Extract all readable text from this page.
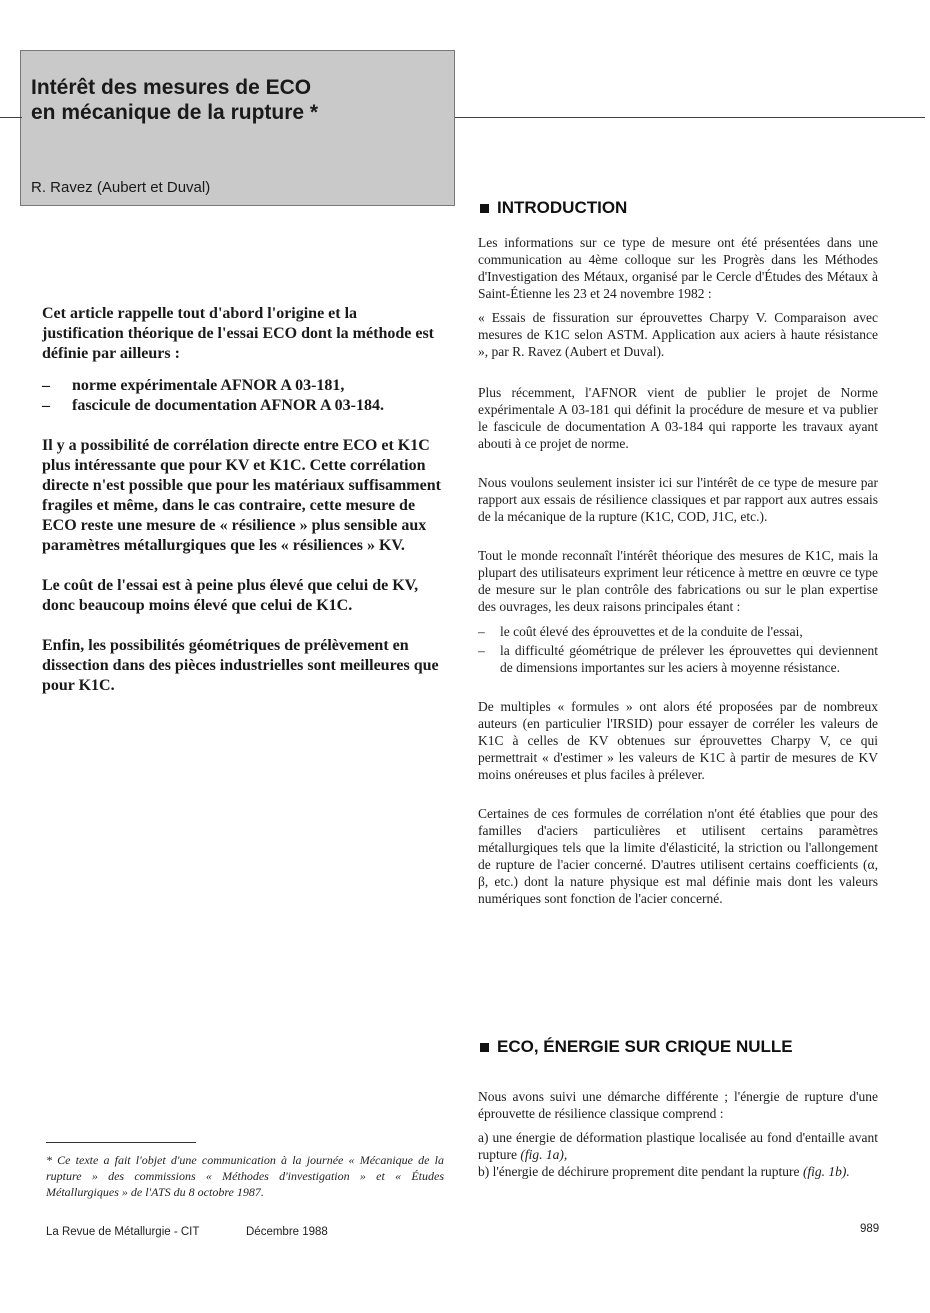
Intérêt des mesures de ECO
en mécanique de la rupture *
R. Ravez (Aubert et Duval)

Cet article rappelle tout d'abord l'origine et la justification théorique de l'essai ECO dont la méthode est définie par ailleurs :

–	norme expérimentale AFNOR A 03-181,
–	fascicule de documentation AFNOR A 03-184.

Il y a possibilité de corrélation directe entre ECO et K1C plus intéressante que pour KV et K1C. Cette corrélation directe n'est possible que pour les matériaux suffisamment fragiles et même, dans le cas contraire, cette mesure de ECO reste une mesure de « résilience » plus sensible aux paramètres métallurgiques que les « résiliences » KV.

Le coût de l'essai est à peine plus élevé que celui de KV, donc beaucoup moins élevé que celui de K1C.

Enfin, les possibilités géométriques de prélèvement en dissection dans des pièces industrielles sont meilleures que pour K1C.

INTRODUCTION

Les informations sur ce type de mesure ont été présentées dans une communication au 4ème colloque sur les Progrès dans les Méthodes d'Investigation des Métaux, organisé par le Cercle d'Études des Métaux à Saint-Étienne les 23 et 24 novembre 1982 :

« Essais de fissuration sur éprouvettes Charpy V. Comparaison avec mesures de K1C selon ASTM. Application aux aciers à haute résistance », par R. Ravez (Aubert et Duval).

Plus récemment, l'AFNOR vient de publier le projet de Norme expérimentale A 03-181 qui définit la procédure de mesure et va publier le fascicule de documentation A 03-184 qui rapporte les travaux ayant abouti à ce projet de norme.

Nous voulons seulement insister ici sur l'intérêt de ce type de mesure par rapport aux essais de résilience classiques et par rapport aux autres essais de la mécanique de la rupture (K1C, COD, J1C, etc.).

Tout le monde reconnaît l'intérêt théorique des mesures de K1C, mais la plupart des utilisateurs expriment leur réticence à mettre en œuvre ce type de mesure sur le plan contrôle des fabrications ou sur le plan expertise des ouvrages, les deux raisons principales étant :

–	le coût élevé des éprouvettes et de la conduite de l'essai,
–	la difficulté géométrique de prélever les éprouvettes qui deviennent de dimensions importantes sur les aciers à moyenne résistance.

De multiples « formules » ont alors été proposées par de nombreux auteurs (en particulier l'IRSID) pour essayer de corréler les valeurs de K1C à celles de KV obtenues sur éprouvettes Charpy V, ce qui permettrait « d'estimer » les valeurs de K1C à partir de mesures de KV moins onéreuses et plus faciles à prélever.

Certaines de ces formules de corrélation n'ont été établies que pour des familles d'aciers particulières et utilisent certains paramètres métallurgiques tels que la limite d'élasticité, la striction ou l'allongement de rupture de l'acier concerné. D'autres utilisent certains coefficients (α, β, etc.) dont la nature physique est mal définie mais dont les valeurs numériques sont fonction de l'acier concerné.

ECO, ÉNERGIE SUR CRIQUE NULLE

Nous avons suivi une démarche différente ; l'énergie de rupture d'une éprouvette de résilience classique comprend :

a) une énergie de déformation plastique localisée au fond d'entaille avant rupture (fig. 1a),
b) l'énergie de déchirure proprement dite pendant la rupture (fig. 1b).
* Ce texte a fait l'objet d'une communication à la journée « Mécanique de la rupture » des commissions « Méthodes d'investigation » et « Études Métallurgiques » de l'ATS du 8 octobre 1987.
La Revue de Métallurgie - CIT	Décembre 1988	989
